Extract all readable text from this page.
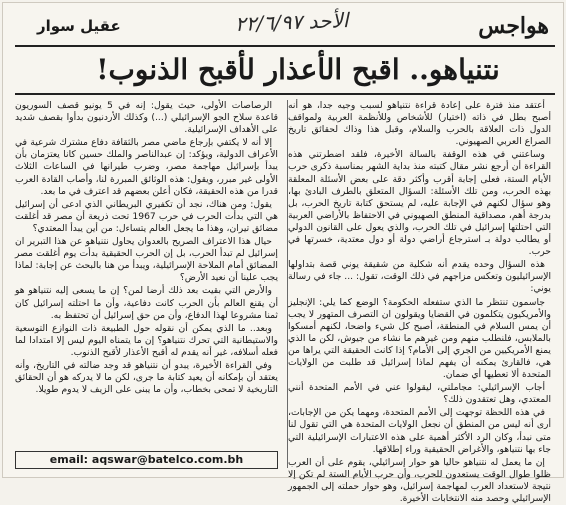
هواجس
الأحد ٢٢/٦/٩٧
عقيل سوار
نتنياهو.. اقبح الأعذار لأقبح الذنوب!

أعتقد منذ فترة على إعادة قراءة نتنياهو لسبب وجيه جدا، هو أنه أصبح بطل في ذاته (اختيار) للأشخاص وللأنظمة العربية ولمواقف الدول ذات العلاقة بالحرب والسلام، وقبل هذا وذاك لحقائق تاريخ الصراع العربي الصهيوني.

وساعتني في هذه الوقفة بالسالة الأخيرة، فلقد اضطرتني هذه القراءة أن أرجع نشر مقال كتبته منذ بداية الشهر بمناسبة ذكرى حرب الأيام الستة، فعلى إجابة أقرب وأكثر دقة على بعض الأسئلة المعلقة بهذه الحرب، ومن تلك الأسئلة: السؤال المتعلق بالطرف البادئ بها، وهو سؤال لكنهم في الإجابة عليه، لم يستحق كتابة تاريخ الحرب، بل بدرجة أهم، مصداقية المنطق الصهيوني في الاحتفاظ بالأراضي العربية التي احتلتها إسرائيل في تلك الحرب، والذي يعول على القانون الدولي أو يطالب دولة بـ استرجاع أراضي دولة أو دول معتدية، خسرتها في حرب.

هذه السؤال وحده يقدم أنه شكلية من شقيقة يوني قصة بتداولها الإسرائيليون وتعكس مزاجهم في ذلك الوقت، تقول: ... جاء في رسالة يوني:

جاسمون تنتظر ما الذي ستفعله الحكومة؟ الوضع كما يلي: الإنجليز والأمريكيون يتكلمون في القضايا ويقولون ان التصرف المتهور لا يجب أن يمس السلام في المنطقة، أصبح كل شيء واضحا، لكنهم أمسكوا بالملابس، فلنطلب منهم ومن غيرهم ما نشاء من جيوش، لكن ما الذي يمنع الأمريكيين من الجري إلى الأمام؟ إذا كانت الحقيقة التي يراها من هي، فالقارئ يمكنه أن يفهم لماذا إسرائيل قد طلبت من الولايات المتحدة ألا تعطيها أي ضمان.

أجاب الإسرائيلي: مجاملتي، ليقولوا عني في الأمم المتحدة أنني المعتدي، وهل تعتقدون ذلك؟

في هذه اللحظة توجهت إلى الأمم المتحدة، ومهما يكن من الإجابات، أرى أنه ليس من المنطق أن نجعل الولايات المتحدة هي التي تقول لنا متى نبدأ، وكان الرد الأكثر أهمية على هذه الاعتبارات الإسرائيلية التي جاء بها نتنياهو، والأغراض الحقيقية وراء إطلاقها.

إن ما يعمل له نتنياهو حاليا هو حوار إسرائيلي، يقوم على أن العرب ظلوا طوال الوقت يستعدون للحرب، وأن حرب الأيام الستة لم تكن إلا نتيجة لاستعداد العرب لمهاجمة إسرائيل، وهو حوار حملته إلى الجمهور الإسرائيلي وحصد منه الانتخابات الأخيرة.

الرصاصات الأولى، حيث يقول: إنه في 5 يونيو قصف السوريون قاعدة سلاح الجو الإسرائيلي (...) وكذلك الأردنيون بدأوا بقصف شديد على الأهداف الإسرائيلية.

إلا أنه لا يكتفي بإرجاع ماضي مصر بالثقافة دفاع مشترك شرعية في الأعراف الدولية، ويؤكد: إن عبدالناصر والملك حسين كانا يعتزمان بأن يبدأ بإسرائيل مهاجمة مصر، وضرب طيرانها في الساعات الثلاث الأولى غير مبرر، ويقول: هذه الوثائق المبررة لنا، وأصاب القادة العرب قدرا من هذه الحقيقة، فكان أعلن بعضهم قد اعترف في ما بعد.

يقول: ومن هناك، نجد أن تكفيري البريطاني الذي ادعى أن إسرائيل هي التي بدأت الحرب في حرب 1967 تحت ذريعة أن مصر قد أغلقت مضائق تيران، وهذا ما يجعل العالم يتساءل: من أين يبدأ المعتدي؟

حيال هذا الاعتراف الصريح بالعدوان يحاول نتنياهو عن هذا التبرير ان إسرائيل لم تبدأ الحرب، بل إن الحرب الحقيقية بدأت يوم أغلقت مصر المضائق أمام الملاحة الإسرائيلية، ويبدأ من هنا بالبحث عن إجابة: لماذا يجب علينا أن نعيد الأرض؟

والأرض التي بقيت بعد ذلك أرضا لمن؟ إن ما يسعى إليه نتنياهو هو أن يقنع العالم بأن الحرب كانت دفاعية، وأن ما احتلته إسرائيل كان ثمنا مشروعا لهذا الدفاع، وأن من حق إسرائيل أن تحتفظ به.

وبعد.. ما الذي يمكن أن نقوله حول الطبيعة ذات النوازع التوسعية والاستيطانية التي تحرك نتنياهو؟ إن ما يتمناه اليوم ليس إلا امتدادا لما فعله أسلافه، غير أنه يقدم له أقبح الأعذار لأقبح الذنوب.

وفي القراءة الأخيرة، يبدو أن نتنياهو قد وجد ضالته في التاريخ، وأنه يعتقد أن بإمكانه أن يعيد كتابة ما جرى، لكن ما لا يدركه هو أن الحقائق التاريخية لا تمحى بخطاب، وأن ما يبنى على الزيف لا يدوم طويلا.

email: aqswar@batelco.com.bh
